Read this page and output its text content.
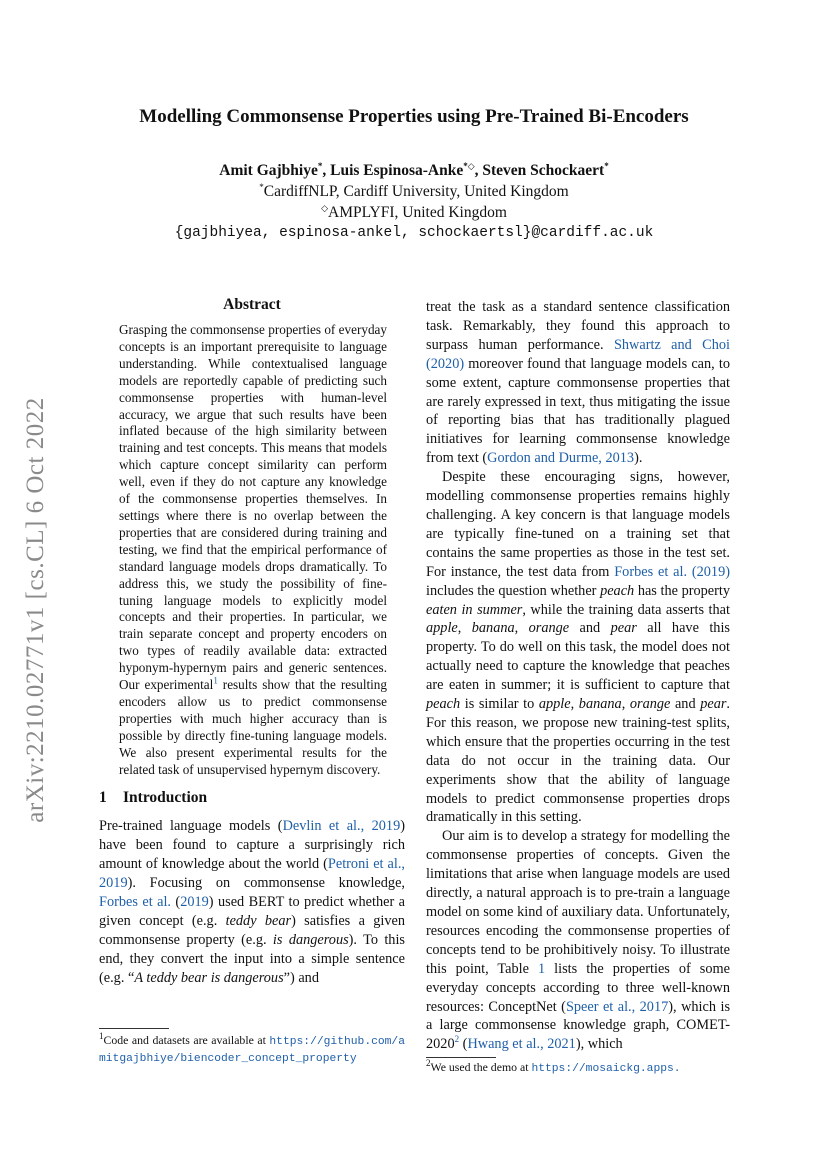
arXiv:2210.02771v1 [cs.CL] 6 Oct 2022
Modelling Commonsense Properties using Pre-Trained Bi-Encoders
Amit Gajbhiye*, Luis Espinosa-Anke*◇, Steven Schockaert*
*CardiffNLP, Cardiff University, United Kingdom
◇AMPLYFI, United Kingdom
{gajbhiyea, espinosa-ankel, schockaertsl}@cardiff.ac.uk
Abstract
Grasping the commonsense properties of everyday concepts is an important prerequisite to language understanding. While contextualised language models are reportedly capable of predicting such commonsense properties with human-level accuracy, we argue that such results have been inflated because of the high similarity between training and test concepts. This means that models which capture concept similarity can perform well, even if they do not capture any knowledge of the commonsense properties themselves. In settings where there is no overlap between the properties that are considered during training and testing, we find that the empirical performance of standard language models drops dramatically. To address this, we study the possibility of fine-tuning language models to explicitly model concepts and their properties. In particular, we train separate concept and property encoders on two types of readily available data: extracted hyponym-hypernym pairs and generic sentences. Our experimental$^1$ results show that the resulting encoders allow us to predict commonsense properties with much higher accuracy than is possible by directly fine-tuning language models. We also present experimental results for the related task of unsupervised hypernym discovery.
1 Introduction

Pre-trained language models (Devlin et al., 2019) have been found to capture a surprisingly rich amount of knowledge about the world (Petroni et al., 2019). Focusing on commonsense knowledge, Forbes et al. (2019) used BERT to predict whether a given concept (e.g. teddy bear) satisfies a given commonsense property (e.g. is dangerous). To this end, they convert the input into a simple sentence (e.g. “A teddy bear is dangerous”) and

$^1$Code and datasets are available at https://github.com/amitgajbhiye/biencoder_concept_property

treat the task as a standard sentence classification task. Remarkably, they found this approach to surpass human performance. Shwartz and Choi (2020) moreover found that language models can, to some extent, capture commonsense properties that are rarely expressed in text, thus mitigating the issue of reporting bias that has traditionally plagued initiatives for learning commonsense knowledge from text (Gordon and Durme, 2013).

Despite these encouraging signs, however, modelling commonsense properties remains highly challenging. A key concern is that language models are typically fine-tuned on a training set that contains the same properties as those in the test set. For instance, the test data from Forbes et al. (2019) includes the question whether peach has the property eaten in summer, while the training data asserts that apple, banana, orange and pear all have this property. To do well on this task, the model does not actually need to capture the knowledge that peaches are eaten in summer; it is sufficient to capture that peach is similar to apple, banana, orange and pear. For this reason, we propose new training-test splits, which ensure that the properties occurring in the test data do not occur in the training data. Our experiments show that the ability of language models to predict commonsense properties drops dramatically in this setting.

Our aim is to develop a strategy for modelling the commonsense properties of concepts. Given the limitations that arise when language models are used directly, a natural approach is to pre-train a language model on some kind of auxiliary data. Unfortunately, resources encoding the commonsense properties of concepts tend to be prohibitively noisy. To illustrate this point, Table 1 lists the properties of some everyday concepts according to three well-known resources: ConceptNet (Speer et al., 2017), which is a large commonsense knowledge graph, COMET-2020$^2$ (Hwang et al., 2021), which

$^2$We used the demo at https://mosaickg.apps.
